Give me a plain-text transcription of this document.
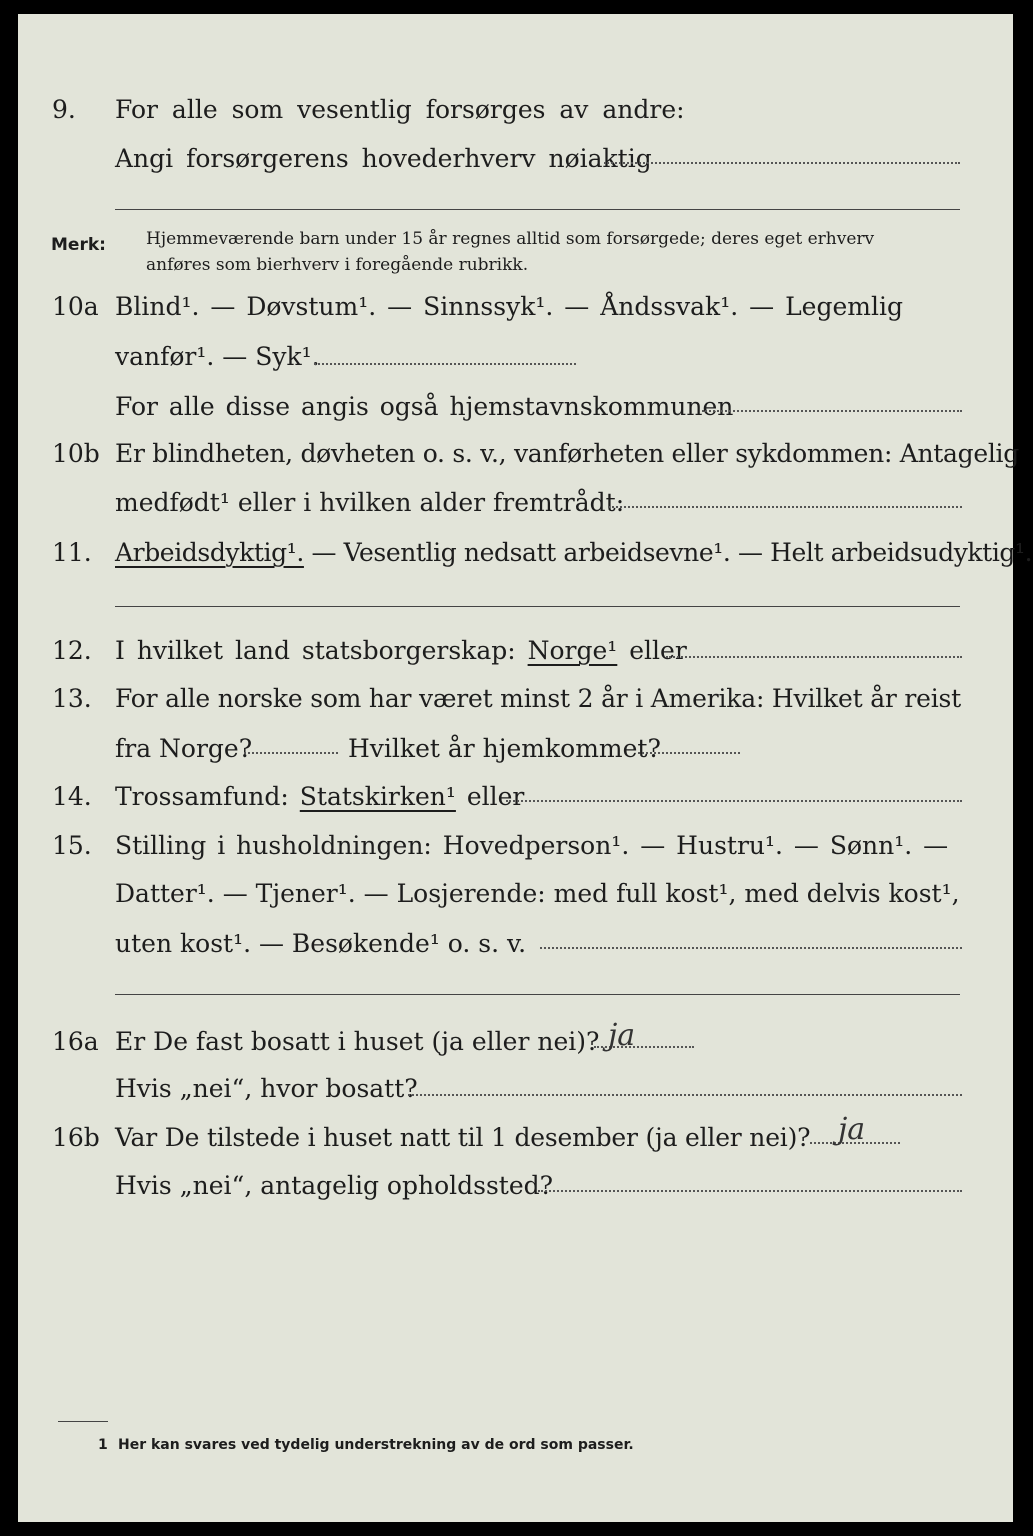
9. For alle som vesentlig forsørges av andre:
Angi forsørgerens hovederhverv nøiaktig
Merk: Hjemmeværende barn under 15 år regnes alltid som forsørgede; deres eget erhverv
anføres som bierhverv i foregående rubrikk.
10a Blind¹. — Døvstum¹. — Sinnssyk¹. — Åndssvak¹. — Legemlig
vanfør¹. — Syk¹.
For alle disse angis også hjemstavnskommunen
10b Er blindheten, døvheten o. s. v., vanførheten eller sykdommen: Antagelig
medfødt¹ eller i hvilken alder fremtrådt:
11. Arbeidsdyktig¹. — Vesentlig nedsatt arbeidsevne¹. — Helt arbeidsudyktig¹.
12. I hvilket land statsborgerskap: Norge¹ eller
13. For alle norske som har været minst 2 år i Amerika: Hvilket år reist
fra Norge?	Hvilket år hjemkommet?
14. Trossamfund: Statskirken¹ eller
15. Stilling i husholdningen: Hovedperson¹. — Hustru¹. — Sønn¹. —
Datter¹. — Tjener¹. — Losjerende: med full kost¹, med delvis kost¹,
uten kost¹. — Besøkende¹ o. s. v.
16a Er De fast bosatt i huset (ja eller nei)? ja
Hvis „nei“, hvor bosatt?
16b Var De tilstede i huset natt til 1 desember (ja eller nei)? ja
Hvis „nei“, antagelig opholdssted?
1 Her kan svares ved tydelig understrekning av de ord som passer.
